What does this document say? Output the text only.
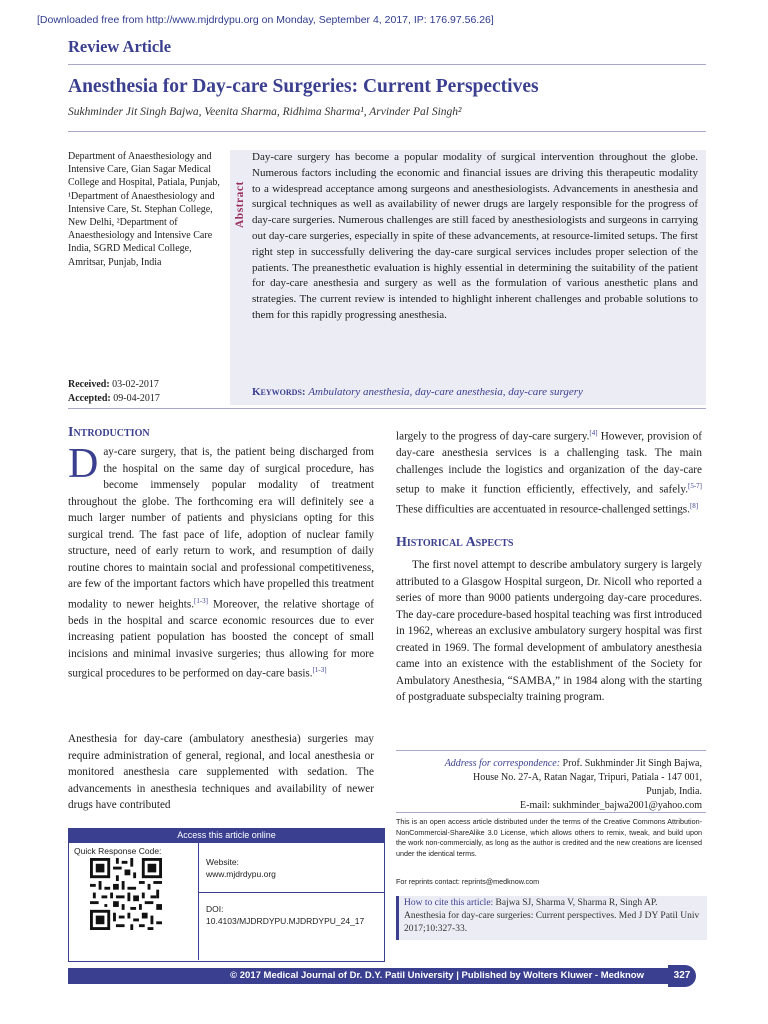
[Downloaded free from http://www.mjdrdypu.org on Monday, September 4, 2017, IP: 176.97.56.26]
Review Article
Anesthesia for Day-care Surgeries: Current Perspectives
Sukhminder Jit Singh Bajwa, Veenita Sharma, Ridhima Sharma¹, Arvinder Pal Singh²
Department of Anaesthesiology and Intensive Care, Gian Sagar Medical College and Hospital, Patiala, Punjab, ¹Department of Anaesthesiology and Intensive Care, St. Stephan College, New Delhi, ²Department of Anaesthesiology and Intensive Care India, SGRD Medical College, Amritsar, Punjab, India
Received: 03-02-2017
Accepted: 09-04-2017
Abstract
Day-care surgery has become a popular modality of surgical intervention throughout the globe. Numerous factors including the economic and financial issues are driving this therapeutic modality to a widespread acceptance among surgeons and anesthesiologists. Advancements in anesthesia and surgical techniques as well as availability of newer drugs are largely responsible for the progress of day-care surgeries. Numerous challenges are still faced by anesthesiologists and surgeons in carrying out day-care surgeries, especially in spite of these advancements, at resource-limited setups. The first right step in successfully delivering the day-care surgical services includes proper selection of the patients. The preanesthetic evaluation is highly essential in determining the suitability of the patient for day-care anesthesia and surgery as well as the formulation of various anesthetic plans and strategies. The current review is intended to highlight inherent challenges and probable solutions to them for this rapidly progressing anesthesia.
Keywords: Ambulatory anesthesia, day-care anesthesia, day-care surgery
Introduction
Day-care surgery, that is, the patient being discharged from the hospital on the same day of surgical procedure, has become immensely popular modality of treatment throughout the globe. The forthcoming era will definitely see a much larger number of patients and physicians opting for this surgical trend. The fast pace of life, adoption of nuclear family structure, need of early return to work, and resumption of daily routine chores to maintain social and professional competitiveness, are few of the important factors which have propelled this treatment modality to newer heights.[1-3] Moreover, the relative shortage of beds in the hospital and scarce economic resources due to ever increasing patient population has boosted the concept of small incisions and minimal invasive surgeries; thus allowing for more surgical procedures to be performed on day-care basis.[1-3]
Anesthesia for day-care (ambulatory anesthesia) surgeries may require administration of general, regional, and local anesthesia or monitored anesthesia care supplemented with sedation. The advancements in anesthesia techniques and availability of newer drugs have contributed
largely to the progress of day-care surgery.[4] However, provision of day-care anesthesia services is a challenging task. The main challenges include the logistics and organization of the day-care setup to make it function efficiently, effectively, and safely.[5-7] These difficulties are accentuated in resource-challenged settings.[8]
Historical Aspects
The first novel attempt to describe ambulatory surgery is largely attributed to a Glasgow Hospital surgeon, Dr. Nicoll who reported a series of more than 9000 patients undergoing day-care procedures. The day-care procedure-based hospital teaching was first introduced in 1962, whereas an exclusive ambulatory surgery hospital was first created in 1969. The formal development of ambulatory anesthesia came into an existence with the establishment of the Society for Ambulatory Anesthesia, “SAMBA,” in 1984 along with the starting of postgraduate subspecialty training program.
Address for correspondence: Prof. Sukhminder Jit Singh Bajwa,
House No. 27-A, Ratan Nagar, Tripuri, Patiala - 147 001,
Punjab, India.
E-mail: sukhminder_bajwa2001@yahoo.com
This is an open access article distributed under the terms of the Creative Commons Attribution-NonCommercial-ShareAlike 3.0 License, which allows others to remix, tweak, and build upon the work non-commercially, as long as the author is credited and the new creations are licensed under the identical terms.
For reprints contact: reprints@medknow.com
How to cite this article: Bajwa SJ, Sharma V, Sharma R, Singh AP. Anesthesia for day-care surgeries: Current perspectives. Med J DY Patil Univ 2017;10:327-33.
Access this article online
Quick Response Code:
Website:
www.mjdrdypu.org
DOI:
10.4103/MJDRDYPU.MJDRDYPU_24_17
© 2017 Medical Journal of Dr. D.Y. Patil University | Published by Wolters Kluwer - Medknow	327
